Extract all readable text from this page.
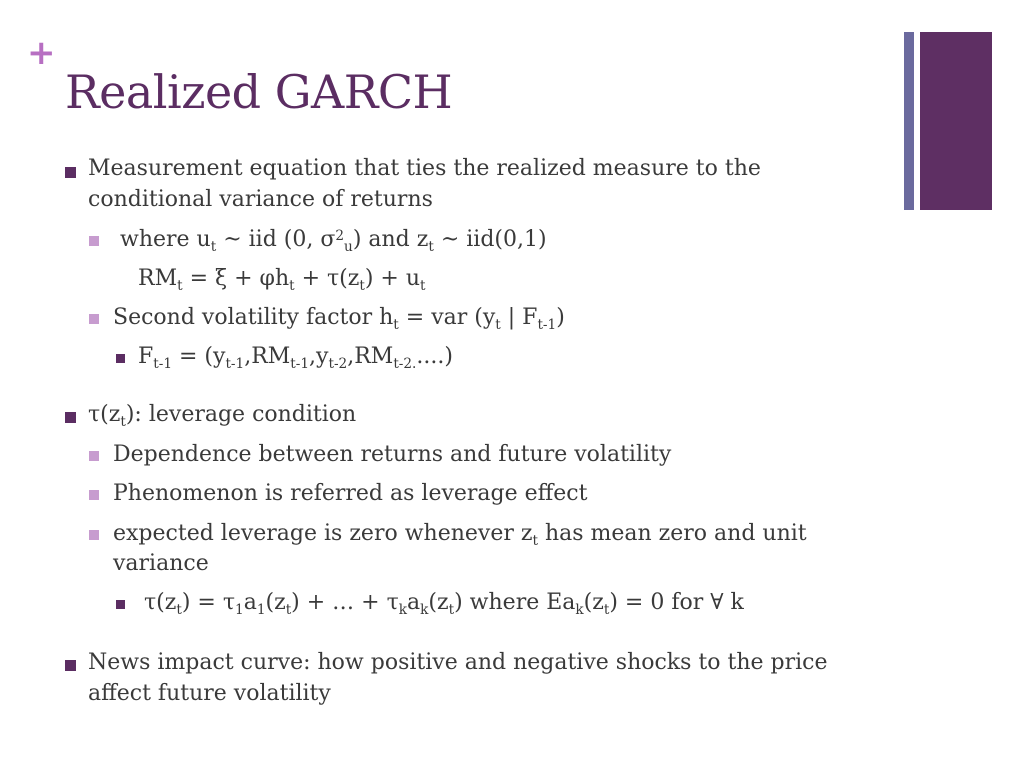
+
Realized GARCH
Measurement equation that ties the realized measure to the
conditional variance of returns
where $u_t$ ~ iid (0, $\sigma^2_u$) and $z_t$ ~ iid(0,1)
$RM_t = \xi + \varphi h_t + \tau(z_t) + u_t$
Second volatility factor $h_t$ = var ($y_t$ | $F_{t-1}$)
$F_{t-1} = (y_{t-1},RM_{t-1},y_{t-2},RM_{t-2.}....)$
$\tau(z_t)$: leverage condition
Dependence between returns and future volatility
Phenomenon is referred as leverage effect
expected leverage is zero whenever $z_t$ has mean zero and unit
variance
$\tau(z_t) = \tau_1a_1(z_t)$ + … + $\tau_ka_k(z_t)$ where $Ea_k(z_t) = 0$ for ∀ k
News impact curve: how positive and negative shocks to the price
affect future volatility
